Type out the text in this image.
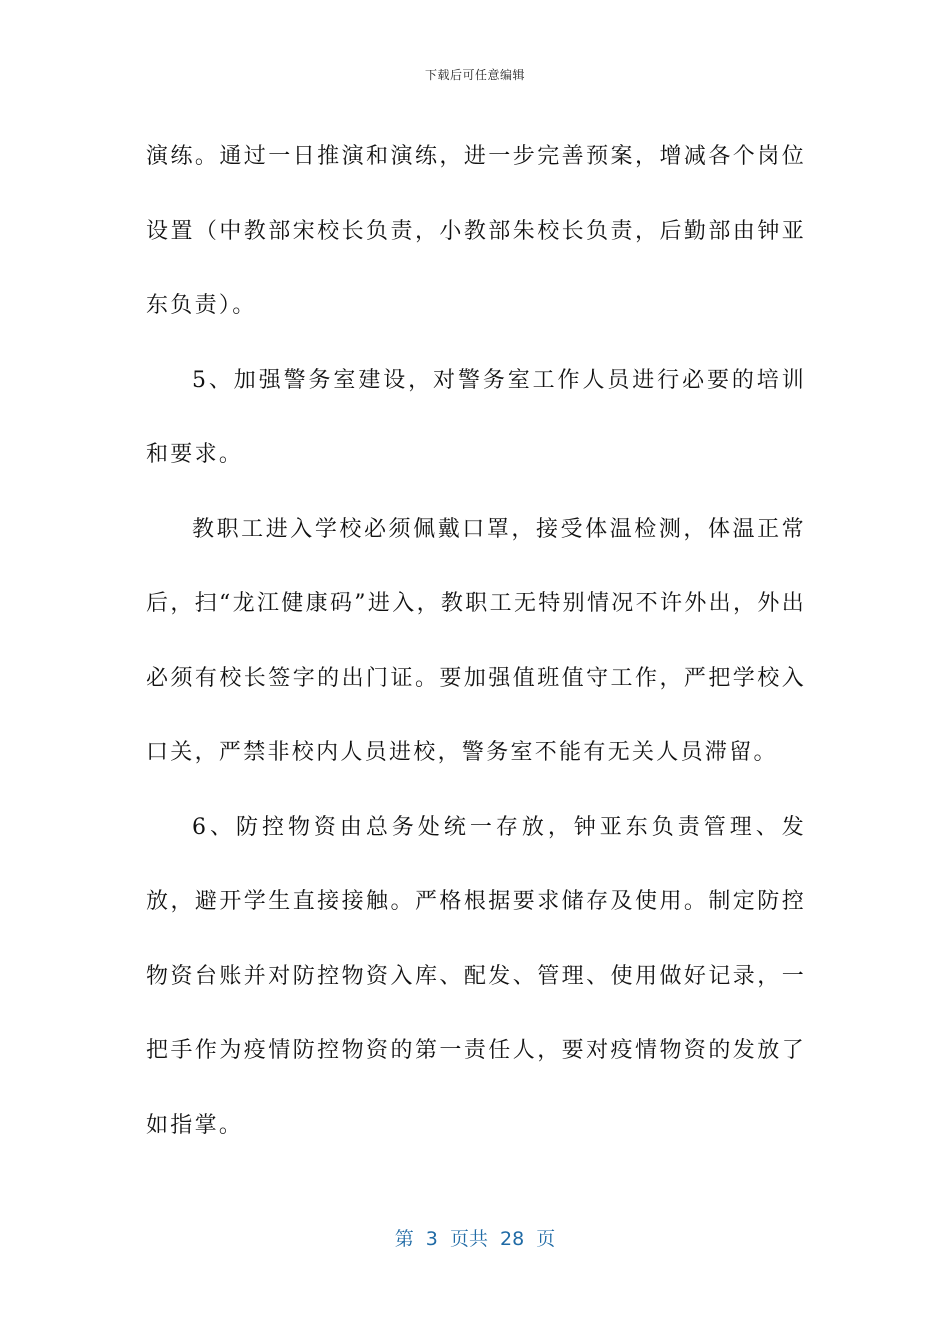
下载后可任意编辑

演练。通过一日推演和演练，进一步完善预案，增减各个岗位设置（中教部宋校长负责，小教部朱校长负责，后勤部由钟亚东负责）。

5、加强警务室建设，对警务室工作人员进行必要的培训和要求。

教职工进入学校必须佩戴口罩，接受体温检测，体温正常后，扫“龙江健康码”进入，教职工无特别情况不许外出，外出必须有校长签字的出门证。要加强值班值守工作，严把学校入口关，严禁非校内人员进校，警务室不能有无关人员滞留。

6、防控物资由总务处统一存放，钟亚东负责管理、发放，避开学生直接接触。严格根据要求储存及使用。制定防控物资台账并对防控物资入库、配发、管理、使用做好记录，一把手作为疫情防控物资的第一责任人，要对疫情物资的发放了如指掌。

第  3  页共  28  页
